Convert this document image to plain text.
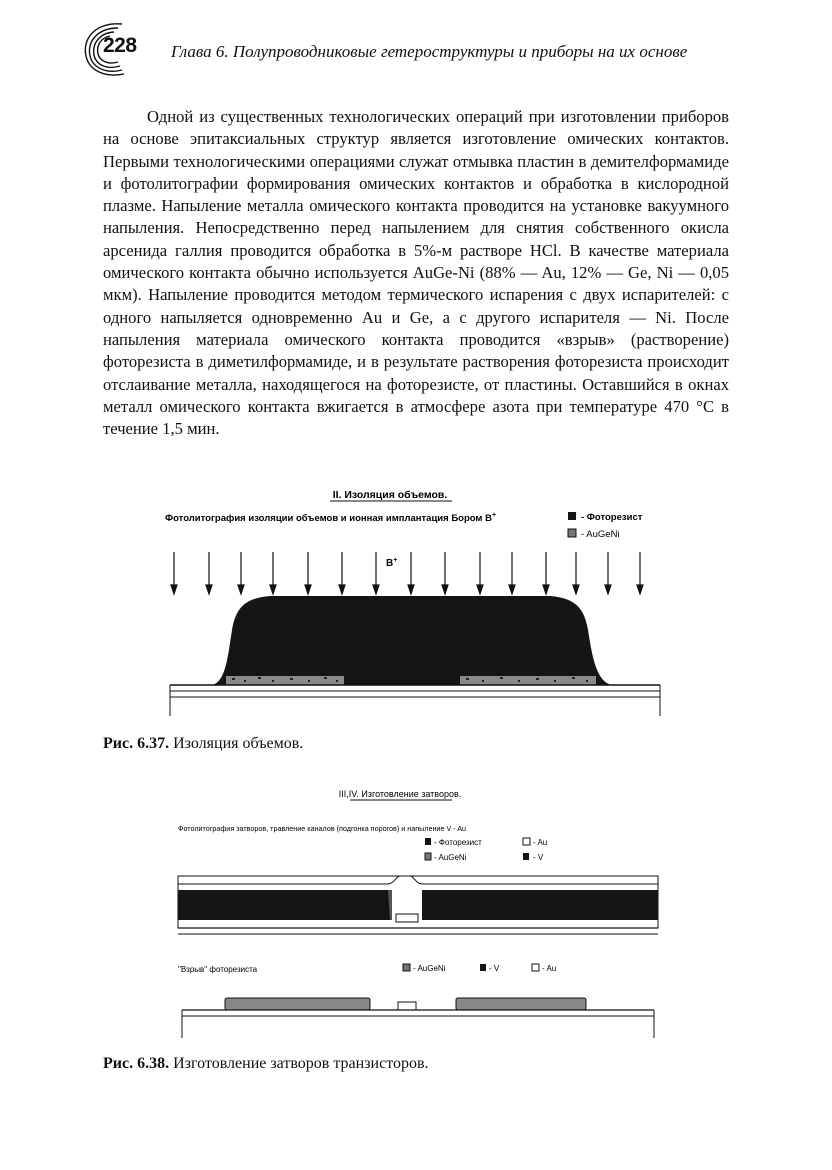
228 Глава 6. Полупроводниковые гетероструктуры и приборы на их основе

Одной из существенных технологических операций при изготовлении приборов на основе эпитаксиальных структур является изготовление омических контактов. Первыми технологическими операциями служат отмывка пластин в демителформамиде и фотолитографии формирования омических контактов и обработка в кислородной плазме. Напыление металла омического контакта проводится на установке вакуумного напыления. Непосредственно перед напылением для снятия собственного окисла арсенида галлия проводится обработка в 5%-м растворе HCl. В качестве материала омического контакта обычно используется AuGe-Ni (88% — Au, 12% — Ge, Ni — 0,05 мкм). Напыление проводится методом термического испарения с двух испарителей: с одного напыляется одновременно Au и Ge, а с другого испарителя — Ni. После напыления материала омического контакта проводится «взрыв» (растворение) фоторезиста в диметилформамиде, и в результате растворения фоторезиста происходит отслаивание металла, находящегося на фоторезисте, от пластины. Оставшийся в окнах металл омического контакта вжигается в атмосфере азота при температуре 470 °С в течение 1,5 мин.

II. Изоляция объемов.
Фотолитография изоляции объемов и ионная имплантация Бором B+	- Фоторезист
- AuGeNi
B+
Рис. 6.37. Изоляция объемов.
III,IV. Изготовление затворов.
Фотолитография затворов, травление каналов (подгонка порогов) и напыление V - Au
- Фоторезист	- Au
- AuGeNi	- V
"Взрыв" фоторезиста	- AuGeNi	- V	- Au
Рис. 6.38. Изготовление затворов транзисторов.
